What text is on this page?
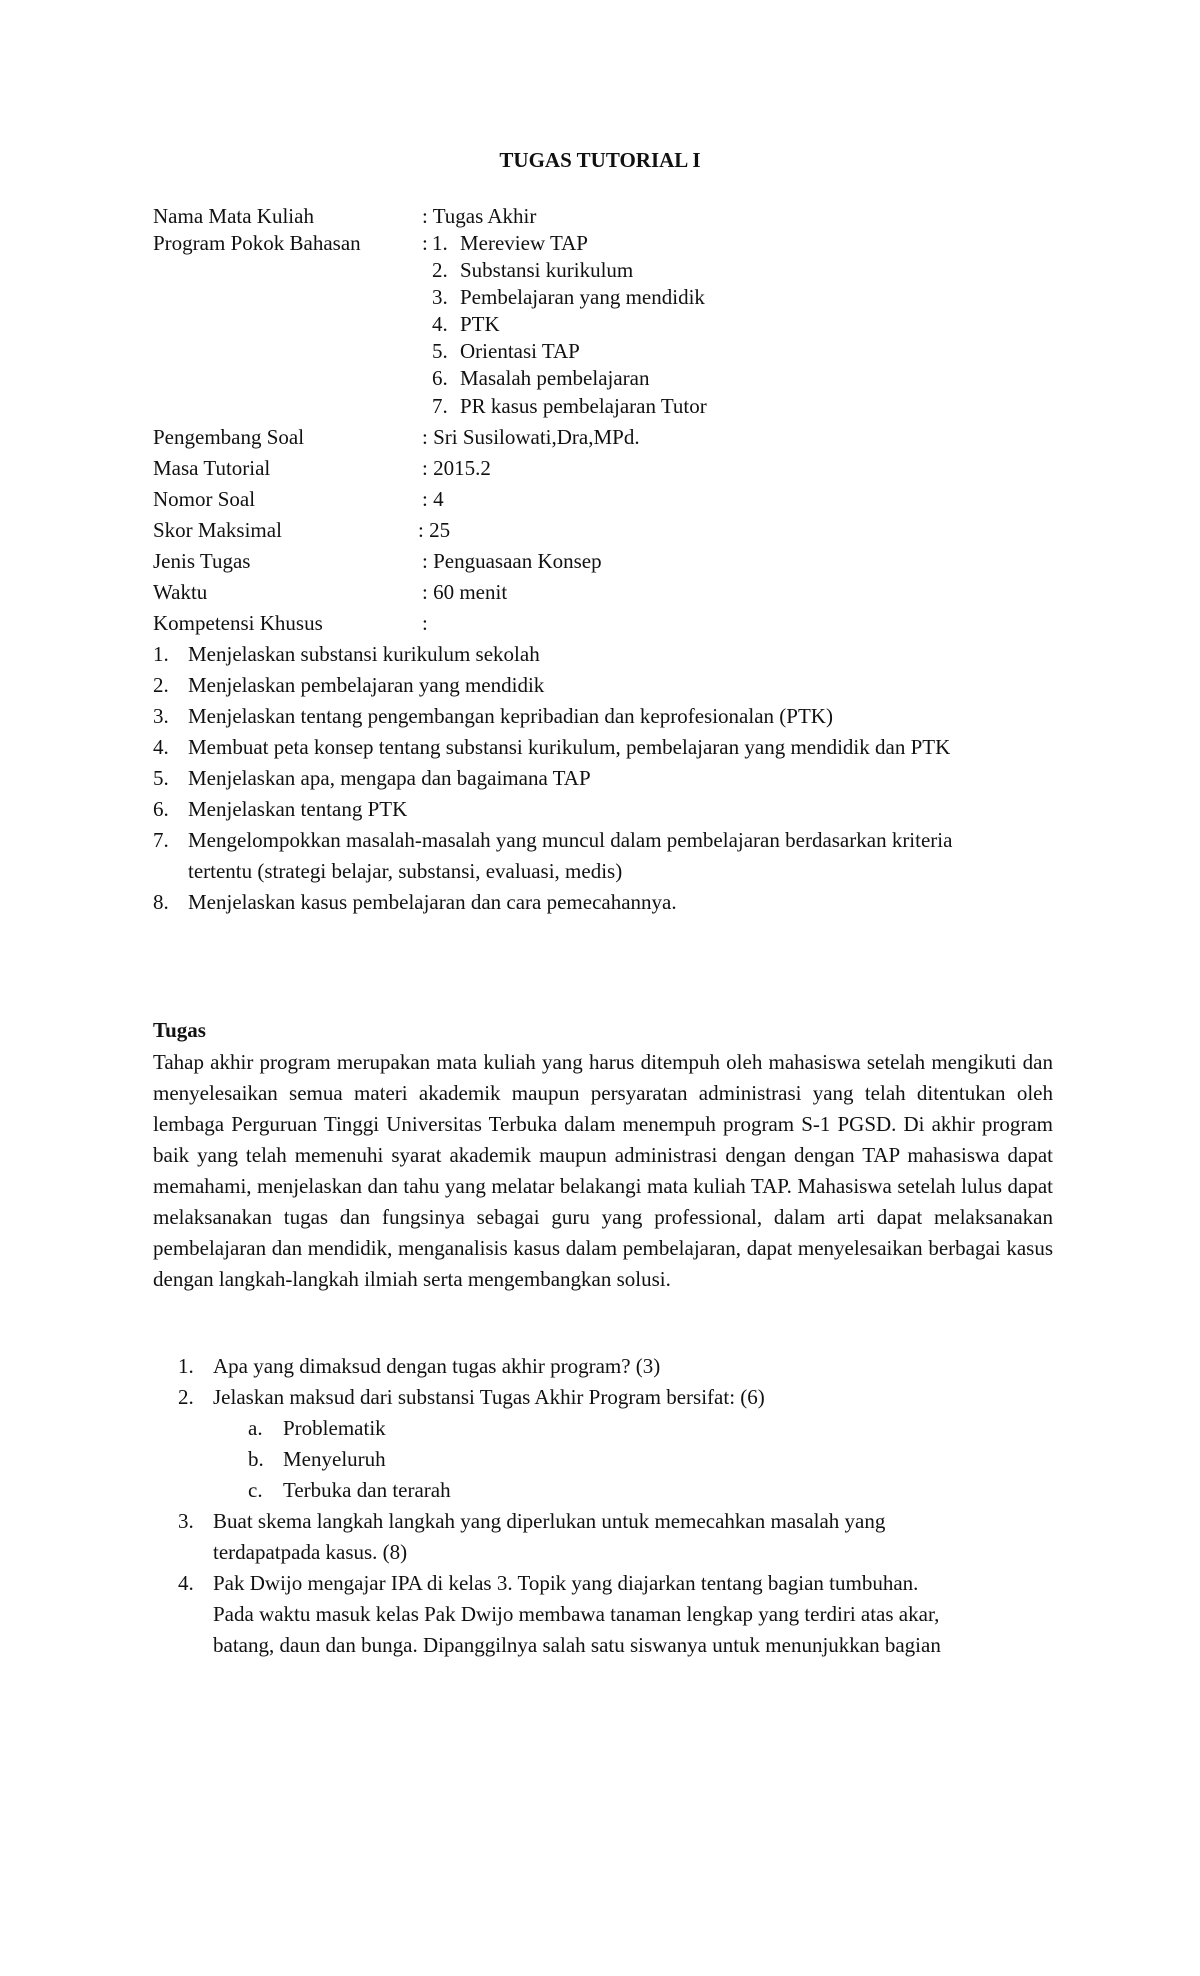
TUGAS TUTORIAL I
Nama Mata Kuliah	: Tugas Akhir
Program Pokok Bahasan	: 1. Mereview TAP
2. Substansi kurikulum
3. Pembelajaran yang mendidik
4. PTK
5. Orientasi TAP
6. Masalah pembelajaran
7. PR kasus pembelajaran Tutor
Pengembang Soal	: Sri Susilowati,Dra,MPd.
Masa Tutorial	: 2015.2
Nomor Soal	: 4
Skor Maksimal	: 25
Jenis Tugas	: Penguasaan Konsep
Waktu	: 60 menit
Kompetensi Khusus	:
1. Menjelaskan substansi kurikulum sekolah
2. Menjelaskan pembelajaran yang mendidik
3. Menjelaskan tentang pengembangan kepribadian dan keprofesionalan (PTK)
4. Membuat peta konsep tentang substansi kurikulum, pembelajaran yang mendidik dan PTK
5. Menjelaskan apa, mengapa dan bagaimana TAP
6. Menjelaskan tentang PTK
7. Mengelompokkan masalah-masalah yang muncul dalam pembelajaran berdasarkan kriteria
tertentu (strategi belajar, substansi, evaluasi, medis)
8. Menjelaskan kasus pembelajaran dan cara pemecahannya.
Tugas

Tahap akhir program merupakan mata kuliah yang harus ditempuh oleh mahasiswa setelah mengikuti dan menyelesaikan semua materi akademik maupun persyaratan administrasi yang telah ditentukan oleh lembaga Perguruan Tinggi Universitas Terbuka dalam menempuh program S-1 PGSD. Di akhir program baik yang telah memenuhi syarat akademik maupun administrasi dengan dengan TAP mahasiswa dapat memahami, menjelaskan dan tahu yang melatar belakangi mata kuliah TAP. Mahasiswa setelah lulus dapat melaksanakan tugas dan fungsinya sebagai guru yang professional, dalam arti dapat melaksanakan pembelajaran dan mendidik, menganalisis kasus dalam pembelajaran, dapat menyelesaikan berbagai kasus dengan langkah-langkah ilmiah serta mengembangkan solusi.

1. Apa yang dimaksud dengan tugas akhir program? (3)
2. Jelaskan maksud dari substansi Tugas Akhir Program bersifat: (6)
a. Problematik
b. Menyeluruh
c. Terbuka dan terarah
3. Buat skema langkah langkah yang diperlukan untuk memecahkan masalah yang
terdapatpada kasus. (8)
4. Pak Dwijo mengajar IPA di kelas 3. Topik yang diajarkan tentang bagian tumbuhan.
Pada waktu masuk kelas Pak Dwijo membawa tanaman lengkap yang terdiri atas akar,
batang, daun dan bunga. Dipanggilnya salah satu siswanya untuk menunjukkan bagian
